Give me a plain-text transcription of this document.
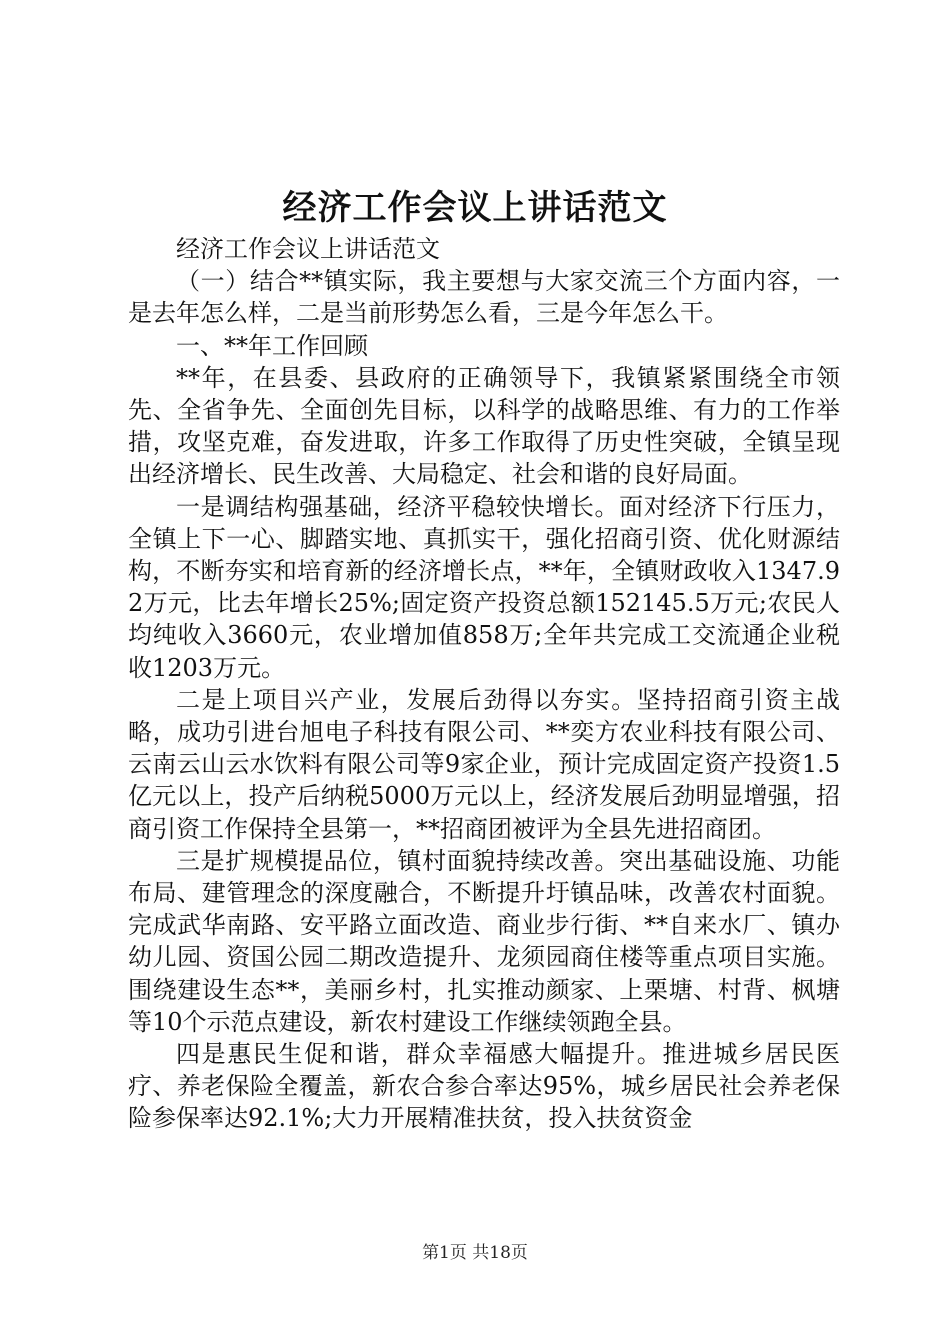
经济工作会议上讲话范文

经济工作会议上讲话范文

（一）结合**镇实际，我主要想与大家交流三个方面内容，一是去年怎么样，二是当前形势怎么看，三是今年怎么干。

一、**年工作回顾

**年，在县委、县政府的正确领导下，我镇紧紧围绕全市领先、全省争先、全面创先目标，以科学的战略思维、有力的工作举措，攻坚克难，奋发进取，许多工作取得了历史性突破，全镇呈现出经济增长、民生改善、大局稳定、社会和谐的良好局面。

一是调结构强基础，经济平稳较快增长。面对经济下行压力，全镇上下一心、脚踏实地、真抓实干，强化招商引资、优化财源结构，不断夯实和培育新的经济增长点，**年，全镇财政收入1347.92万元，比去年增长25%;固定资产投资总额152145.5万元;农民人均纯收入3660元，农业增加值858万;全年共完成工交流通企业税收1203万元。

二是上项目兴产业，发展后劲得以夯实。坚持招商引资主战略，成功引进台旭电子科技有限公司、**奕方农业科技有限公司、云南云山云水饮料有限公司等9家企业，预计完成固定资产投资1.5亿元以上，投产后纳税5000万元以上，经济发展后劲明显增强，招商引资工作保持全县第一，**招商团被评为全县先进招商团。

三是扩规模提品位，镇村面貌持续改善。突出基础设施、功能布局、建管理念的深度融合，不断提升圩镇品味，改善农村面貌。完成武华南路、安平路立面改造、商业步行街、**自来水厂、镇办幼儿园、资国公园二期改造提升、龙须园商住楼等重点项目实施。围绕建设生态**，美丽乡村，扎实推动颜家、上栗塘、村背、枫塘等10个示范点建设，新农村建设工作继续领跑全县。

四是惠民生促和谐，群众幸福感大幅提升。推进城乡居民医疗、养老保险全覆盖，新农合参合率达95%，城乡居民社会养老保险参保率达92.1%;大力开展精准扶贫，投入扶贫资金

第1页 共18页
